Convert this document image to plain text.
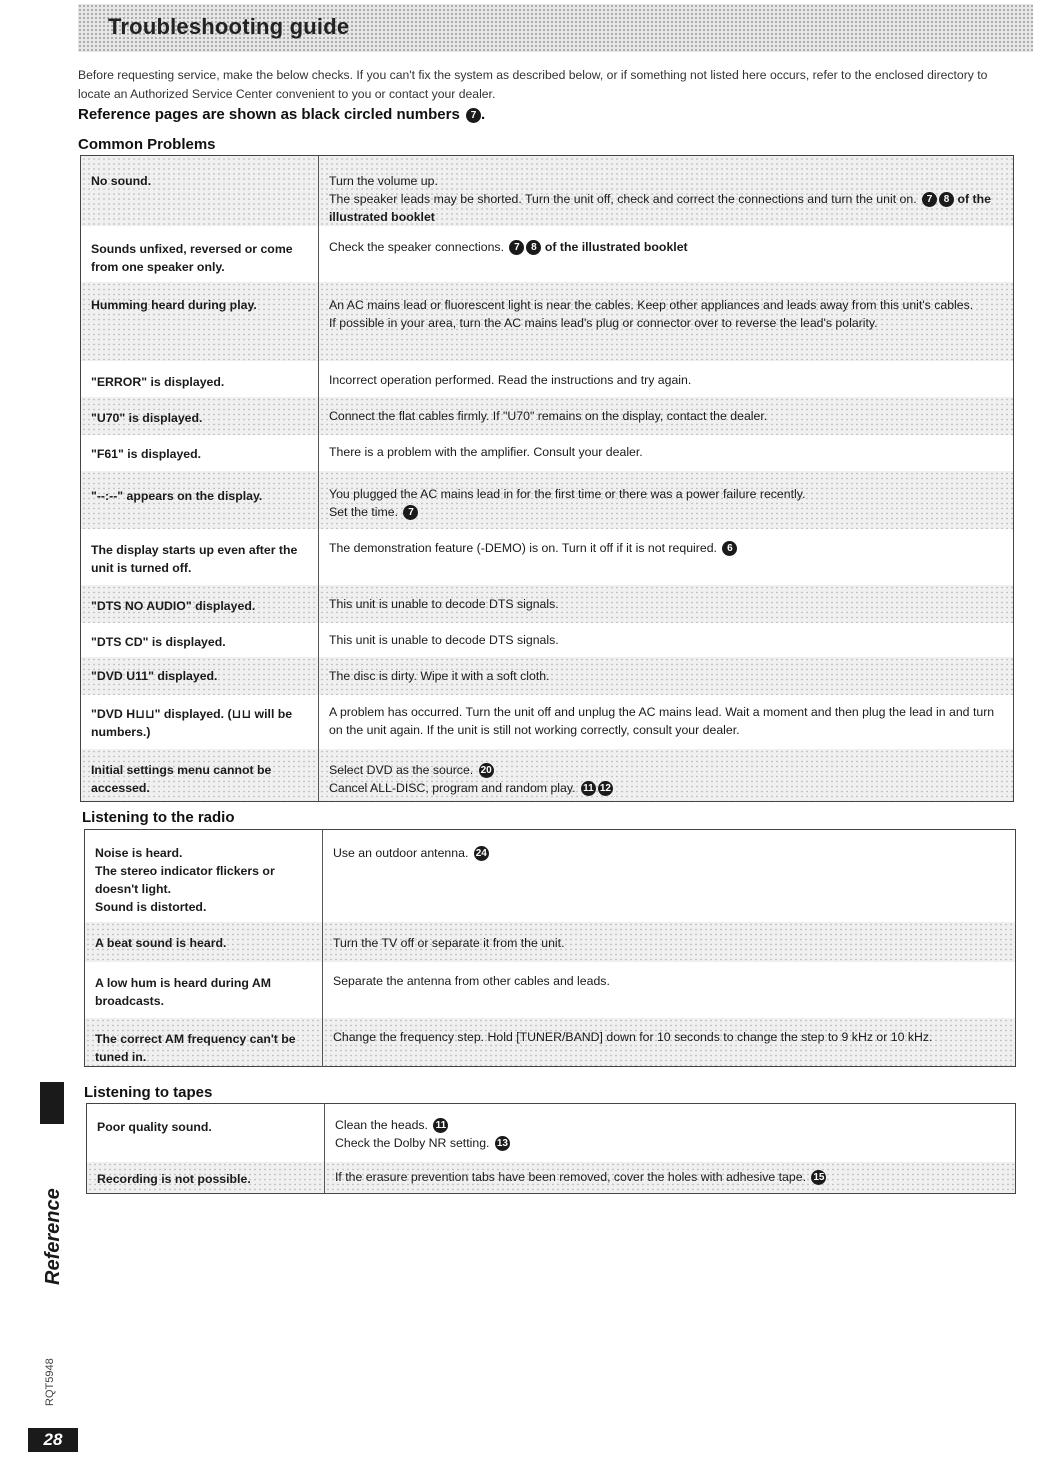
Troubleshooting guide
Before requesting service, make the below checks. If you can't fix the system as described below, or if something not listed here occurs, refer to the enclosed directory to locate an Authorized Service Center convenient to you or contact your dealer.
Reference pages are shown as black circled numbers 7 .
Common Problems
No sound.	Turn the volume up.
The speaker leads may be shorted. Turn the unit off, check and correct the connections and turn the unit on. 7 8 of the illustrated booklet

Sounds unfixed, reversed or come from one speaker only.	Check the speaker connections. 7 8 of the illustrated booklet
Humming heard during play.	An AC mains lead or fluorescent light is near the cables. Keep other appliances and leads away from this unit's cables.
If possible in your area, turn the AC mains lead's plug or connector over to reverse the lead's polarity.

"ERROR" is displayed.	Incorrect operation performed. Read the instructions and try again.
"U70" is displayed.	Connect the flat cables firmly. If "U70" remains on the display, contact the dealer.
"F61" is displayed.	There is a problem with the amplifier. Consult your dealer.
"--:--" appears on the display.	You plugged the AC mains lead in for the first time or there was a power failure recently.
Set the time. 7

The display starts up even after the unit is turned off.	The demonstration feature (-DEMO) is on. Turn it off if it is not required. 6
"DTS NO AUDIO" displayed.	This unit is unable to decode DTS signals.
"DTS CD" is displayed.	This unit is unable to decode DTS signals.
"DVD U11" displayed.	The disc is dirty. Wipe it with a soft cloth.
"DVD H⊔⊔" displayed. (⊔⊔ will be numbers.)	A problem has occurred. Turn the unit off and unplug the AC mains lead. Wait a moment and then plug the lead in and turn on the unit again. If the unit is still not working correctly, consult your dealer.
Initial settings menu cannot be accessed.	Select DVD as the source. 20
Cancel ALL-DISC, program and random play. 11 12
Listening to the radio
Noise is heard.
The stereo indicator flickers or doesn't light.
Sound is distorted.	Use an outdoor antenna. 24
A beat sound is heard.	Turn the TV off or separate it from the unit.
A low hum is heard during AM broadcasts.	Separate the antenna from other cables and leads.
The correct AM frequency can't be tuned in.	Change the frequency step. Hold [TUNER/BAND] down for 10 seconds to change the step to 9 kHz or 10 kHz.
Listening to tapes
Poor quality sound.	Clean the heads. 11
Check the Dolby NR setting. 13

Recording is not possible.	If the erasure prevention tabs have been removed, cover the holes with adhesive tape. 15
Reference
RQT5948
28
